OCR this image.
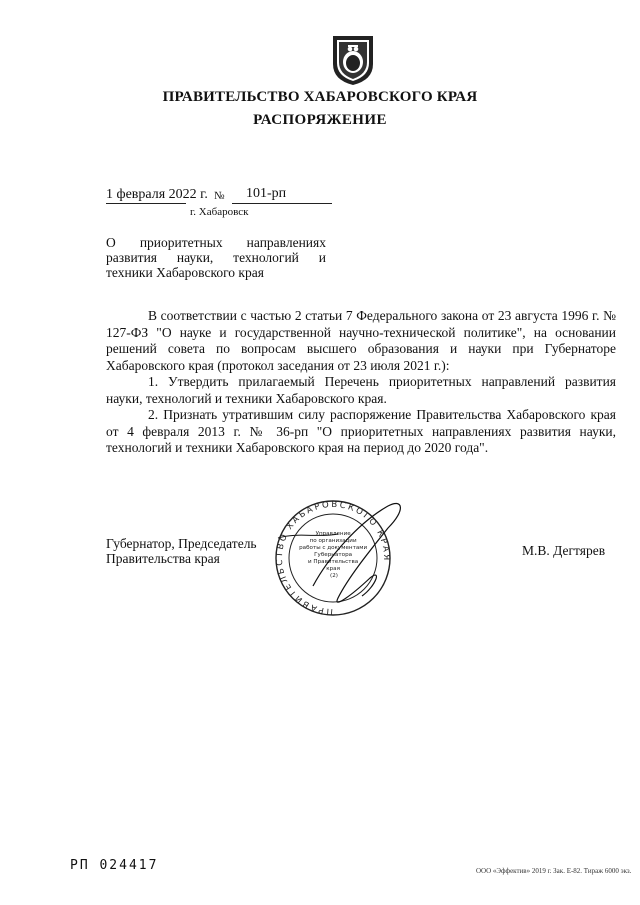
ПРАВИТЕЛЬСТВО ХАБАРОВСКОГО КРАЯ
РАСПОРЯЖЕНИЕ
1 февраля 2022 г. № 101-рп
г. Хабаровск
О приоритетных направлениях
развития науки, технологий и
техники Хабаровского края

В соответствии с частью 2 статьи 7 Федерального закона от 23 августа 1996 г. № 127-ФЗ "О науке и государственной научно-технической политике", на основании решений совета по вопросам высшего образования и науки при Губернаторе Хабаровского края (протокол заседания от 23 июля 2021 г.):

1. Утвердить прилагаемый Перечень приоритетных направлений развития науки, технологий и техники Хабаровского края.

2. Признать утратившим силу распоряжение Правительства Хабаровского края от 4 февраля 2013 г. № 36-рп "О приоритетных направлениях развития науки, технологий и техники Хабаровского края на период до 2020 года".

Губернатор, Председатель
Правительства края
М.В. Дегтярев
ПРАВИТЕЛЬСТВО ХАБАРОВСКОГО КРАЯ
Управление по организации работы с документами Губернатора и Правительства края (2)
РП 024417	ООО «Эффектив» 2019 г. Зак. Е-82. Тираж 6000 экз.
